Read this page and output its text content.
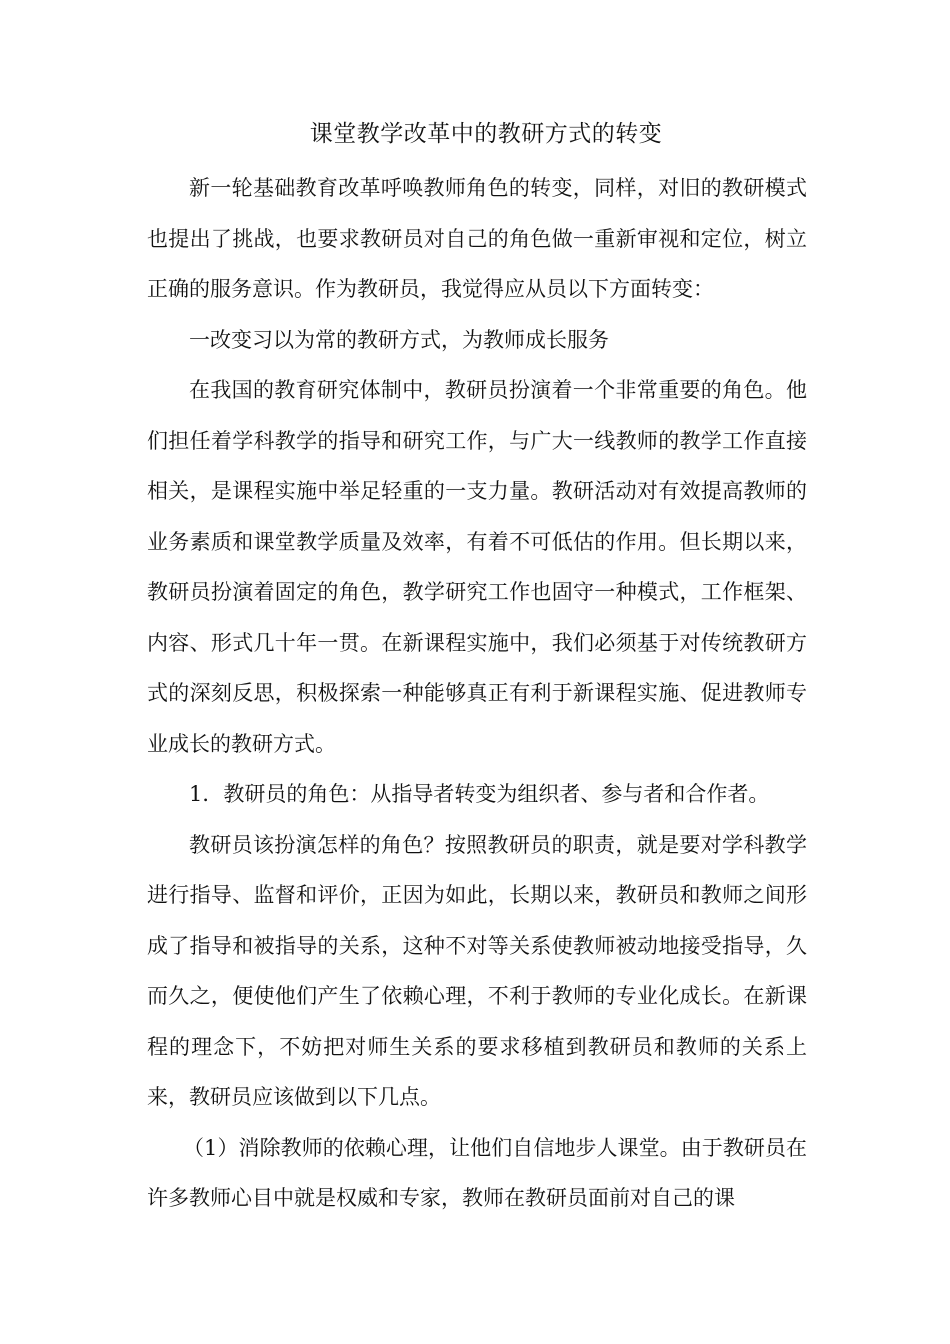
课堂教学改革中的教研方式的转变

新一轮基础教育改革呼唤教师角色的转变，同样，对旧的教研模式也提出了挑战，也要求教研员对自己的角色做一重新审视和定位，树立正确的服务意识。作为教研员，我觉得应从员以下方面转变：

一改变习以为常的教研方式，为教师成长服务

在我国的教育研究体制中，教研员扮演着一个非常重要的角色。他们担任着学科教学的指导和研究工作，与广大一线教师的教学工作直接相关，是课程实施中举足轻重的一支力量。教研活动对有效提高教师的业务素质和课堂教学质量及效率，有着不可低估的作用。但长期以来，教研员扮演着固定的角色，教学研究工作也固守一种模式，工作框架、内容、形式几十年一贯。在新课程实施中，我们必须基于对传统教研方式的深刻反思，积极探索一种能够真正有利于新课程实施、促进教师专业成长的教研方式。

1．教研员的角色：从指导者转变为组织者、参与者和合作者。

教研员该扮演怎样的角色？按照教研员的职责，就是要对学科教学进行指导、监督和评价，正因为如此，长期以来，教研员和教师之间形成了指导和被指导的关系，这种不对等关系使教师被动地接受指导，久而久之，便使他们产生了依赖心理，不利于教师的专业化成长。在新课程的理念下，不妨把对师生关系的要求移植到教研员和教师的关系上来，教研员应该做到以下几点。

（1）消除教师的依赖心理，让他们自信地步人课堂。由于教研员在许多教师心目中就是权威和专家，教师在教研员面前对自己的课
